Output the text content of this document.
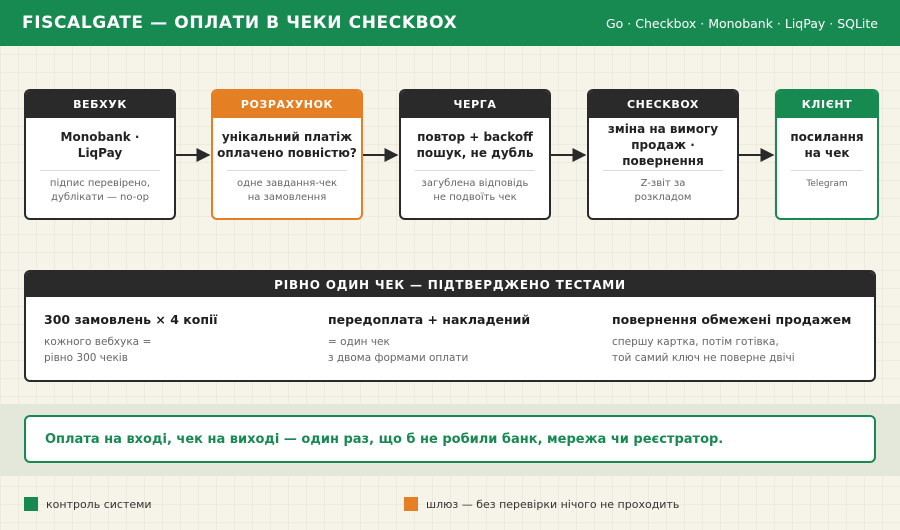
FISCALGATE — ОПЛАТИ В ЧЕКИ CHECKBOX	Go · Checkbox · Monobank · LiqPay · SQLite
ВЕБХУК
Monobank ·
LiqPay
підпис перевірено,
дублікати — no-op
РОЗРАХУНОК
унікальний платіж
оплачено повністю?
одне завдання-чек
на замовлення
ЧЕРГА
повтор + backoff
пошук, не дубль
загублена відповідь
не подвоїть чек
CHECKBOX
зміна на вимогу
продаж · повернення
Z-звіт за
розкладом
КЛІЄНТ
посилання
на чек
Telegram
РІВНО ОДИН ЧЕК — ПІДТВЕРДЖЕНО ТЕСТАМИ
300 замовлень × 4 копії
кожного вебхука =
рівно 300 чеків
передоплата + накладений
= один чек
з двома формами оплати
повернення обмежені продажем
спершу картка, потім готівка,
той самий ключ не поверне двічі
Оплата на вході, чек на виході — один раз, що б не робили банк, мережа чи реєстратор.
контроль системи	шлюз — без перевірки нічого не проходить
